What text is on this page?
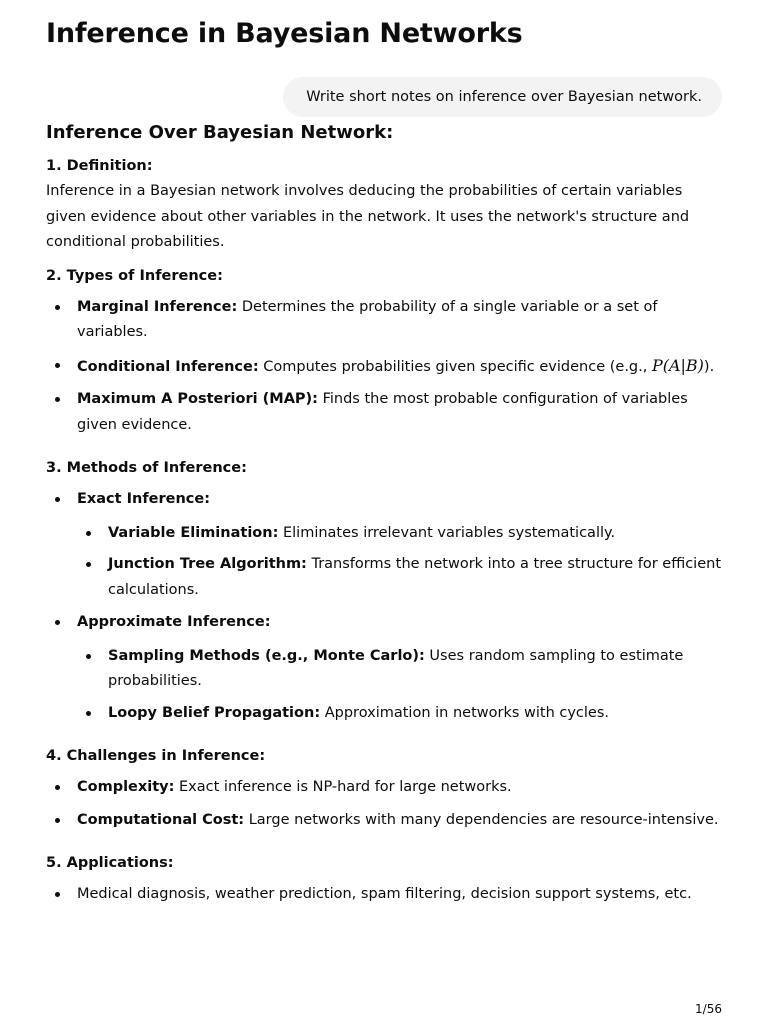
Inference in Bayesian Networks
Write short notes on inference over Bayesian network.
Inference Over Bayesian Network:
1. Definition:

Inference in a Bayesian network involves deducing the probabilities of certain variables given evidence about other variables in the network. It uses the network's structure and conditional probabilities.

2. Types of Inference:
Marginal Inference: Determines the probability of a single variable or a set of variables.
Conditional Inference: Computes probabilities given specific evidence (e.g., P(A|B)).
Maximum A Posteriori (MAP): Finds the most probable configuration of variables given evidence.
3. Methods of Inference:
Exact Inference:
Variable Elimination: Eliminates irrelevant variables systematically.
Junction Tree Algorithm: Transforms the network into a tree structure for efficient calculations.
Approximate Inference:
Sampling Methods (e.g., Monte Carlo): Uses random sampling to estimate probabilities.
Loopy Belief Propagation: Approximation in networks with cycles.
4. Challenges in Inference:
Complexity: Exact inference is NP-hard for large networks.
Computational Cost: Large networks with many dependencies are resource-intensive.
5. Applications:
Medical diagnosis, weather prediction, spam filtering, decision support systems, etc.
1/56
